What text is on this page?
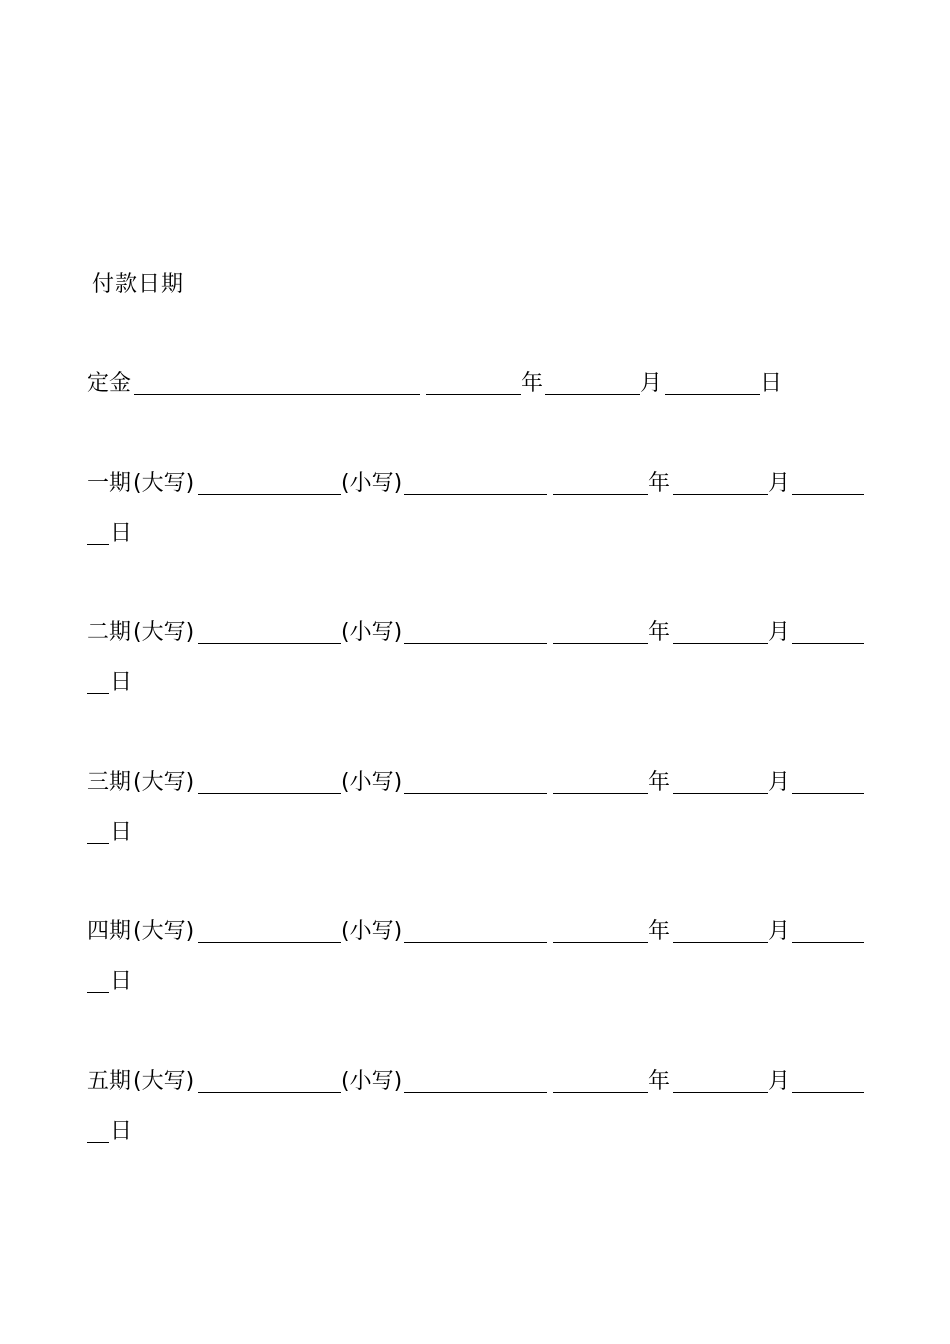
付款日期
定金	年	月	日
一期 (大写)	(小写)	年	月
日
二期 (大写)	(小写)	年	月
日
三期 (大写)	(小写)	年	月
日
四期 (大写)	(小写)	年	月
日
五期 (大写)	(小写)	年	月
日
